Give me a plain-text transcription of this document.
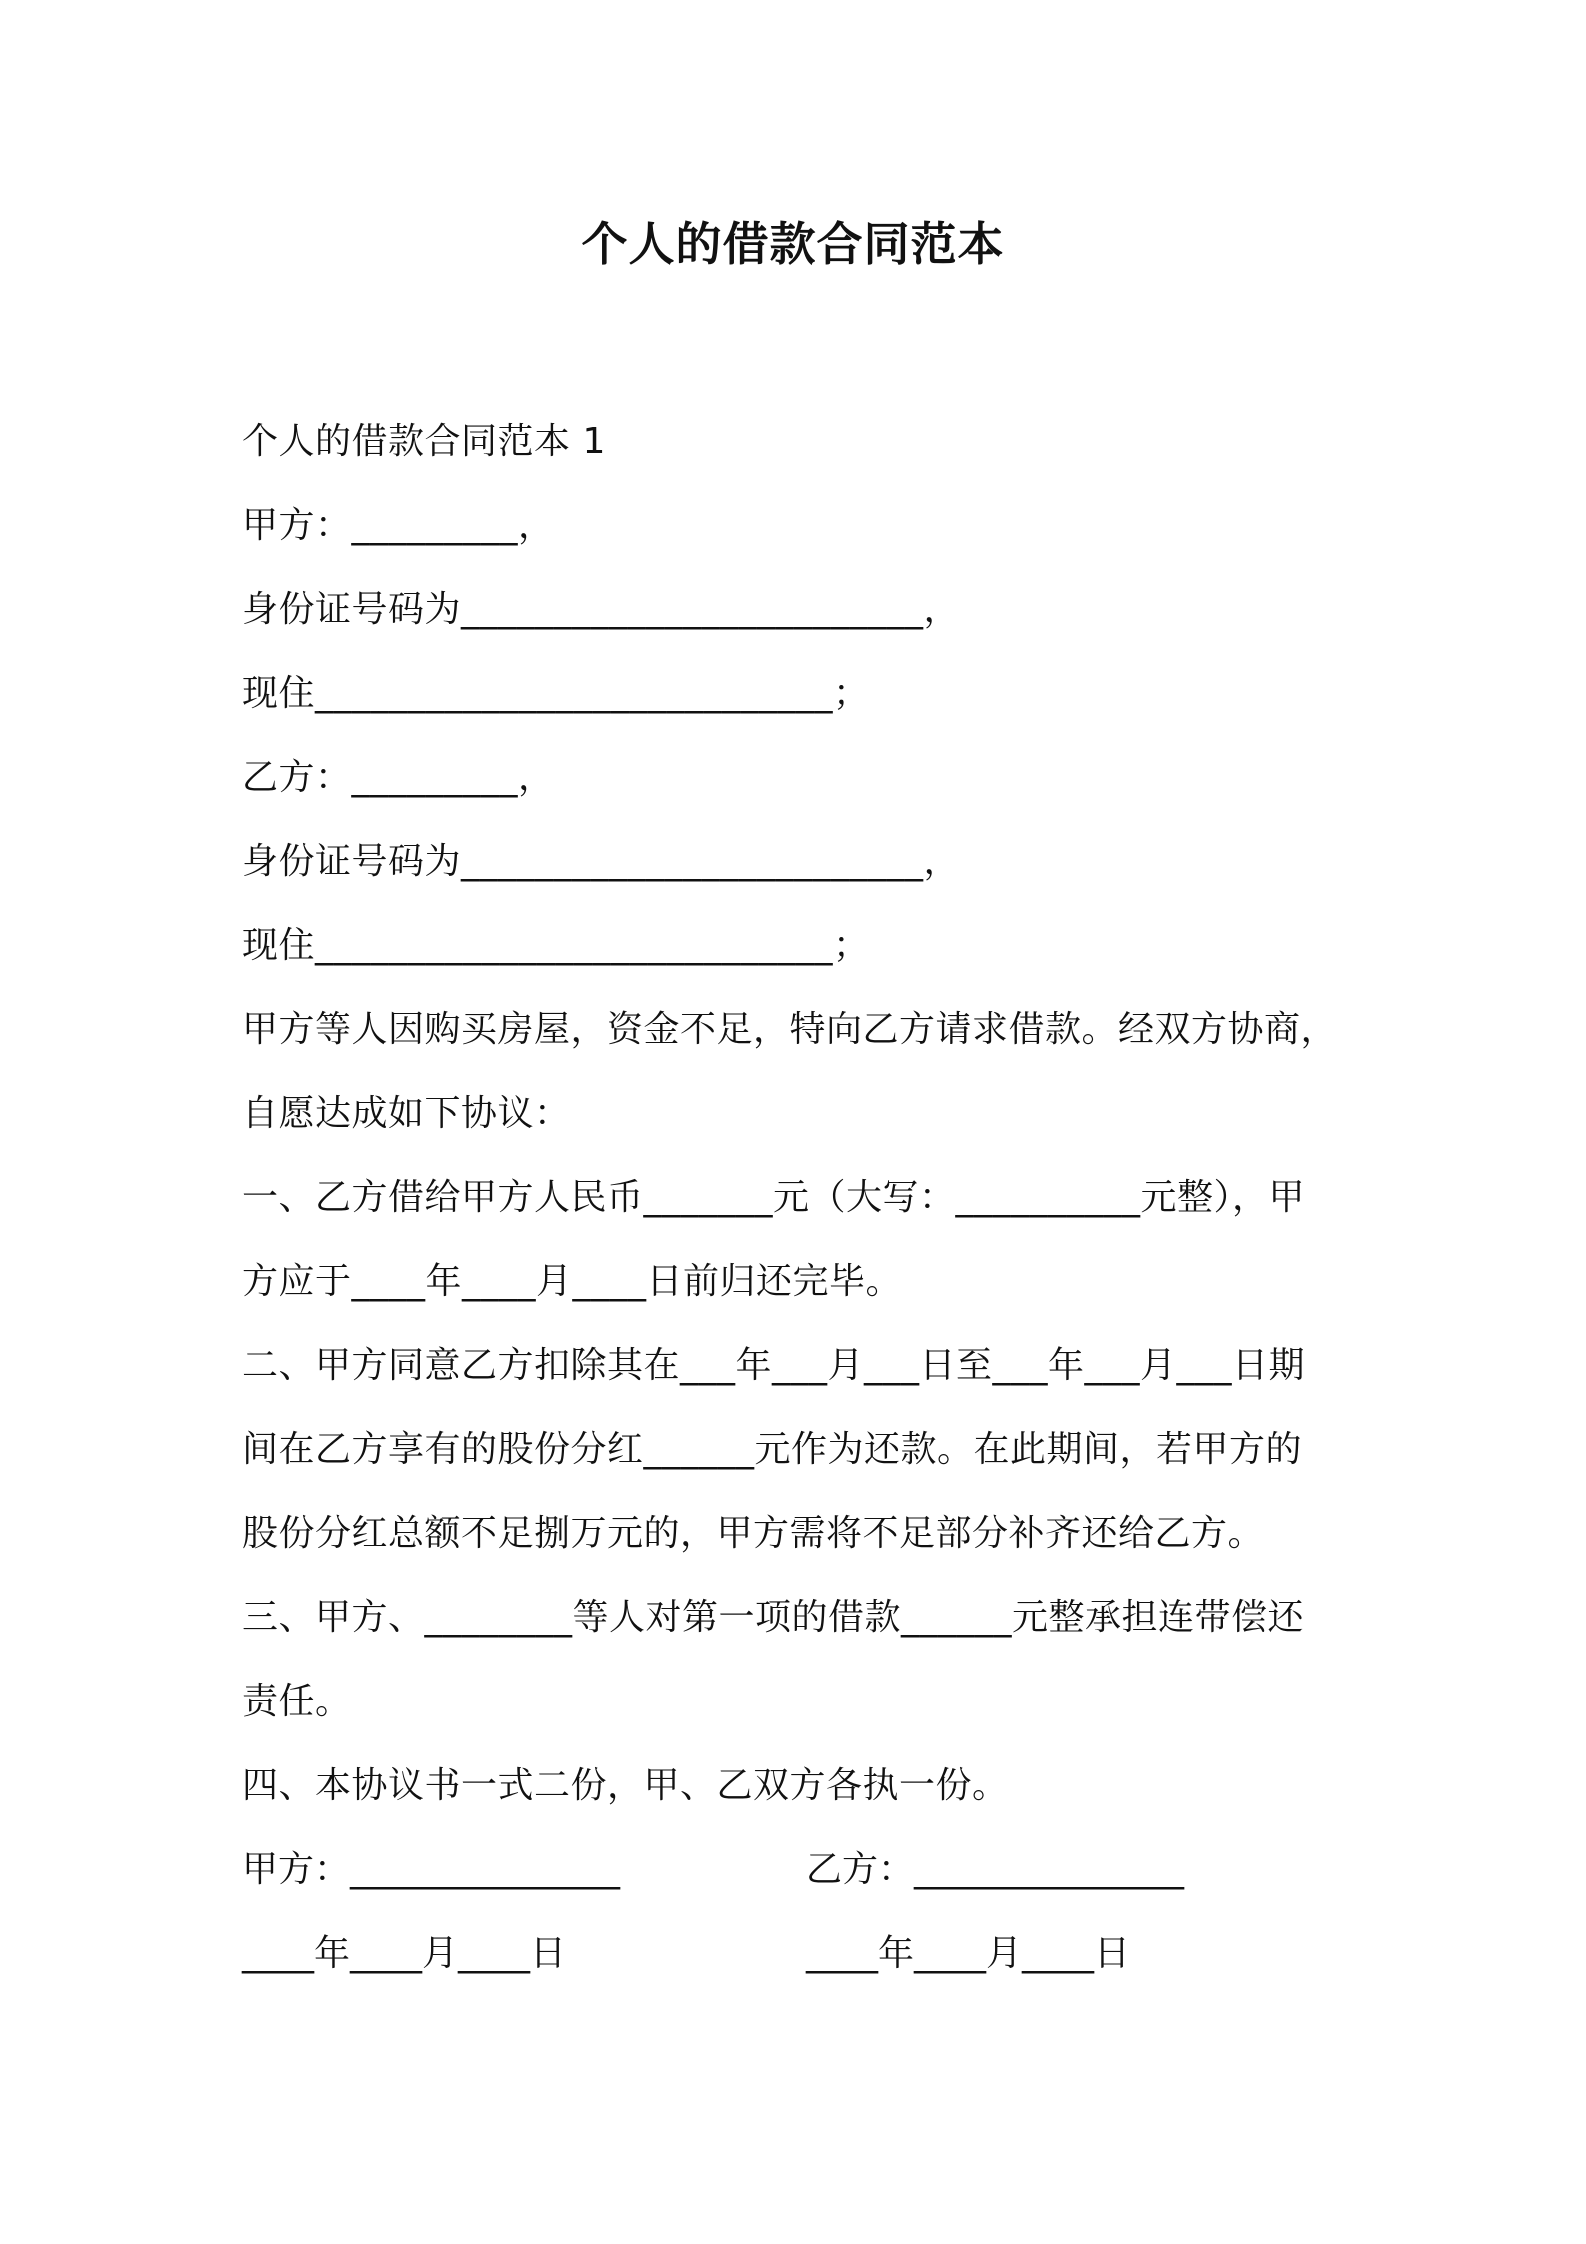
个人的借款合同范本
个人的借款合同范本 1
甲方：_________，
身份证号码为_________________________，
现住____________________________；
乙方：_________，
身份证号码为_________________________，
现住____________________________；
甲方等人因购买房屋，资金不足，特向乙方请求借款。经双方协商，
自愿达成如下协议：
一、乙方借给甲方人民币_______元（大写：__________元整），甲
方应于____年____月____日前归还完毕。
二、甲方同意乙方扣除其在___年___月___日至___年___月___日期
间在乙方享有的股份分红______元作为还款。在此期间，若甲方的
股份分红总额不足捌万元的，甲方需将不足部分补齐还给乙方。
三、甲方、________等人对第一项的借款______元整承担连带偿还
责任。
四、本协议书一式二份，甲、乙双方各执一份。
甲方：_______________	乙方：_______________
____年____月____日	____年____月____日
